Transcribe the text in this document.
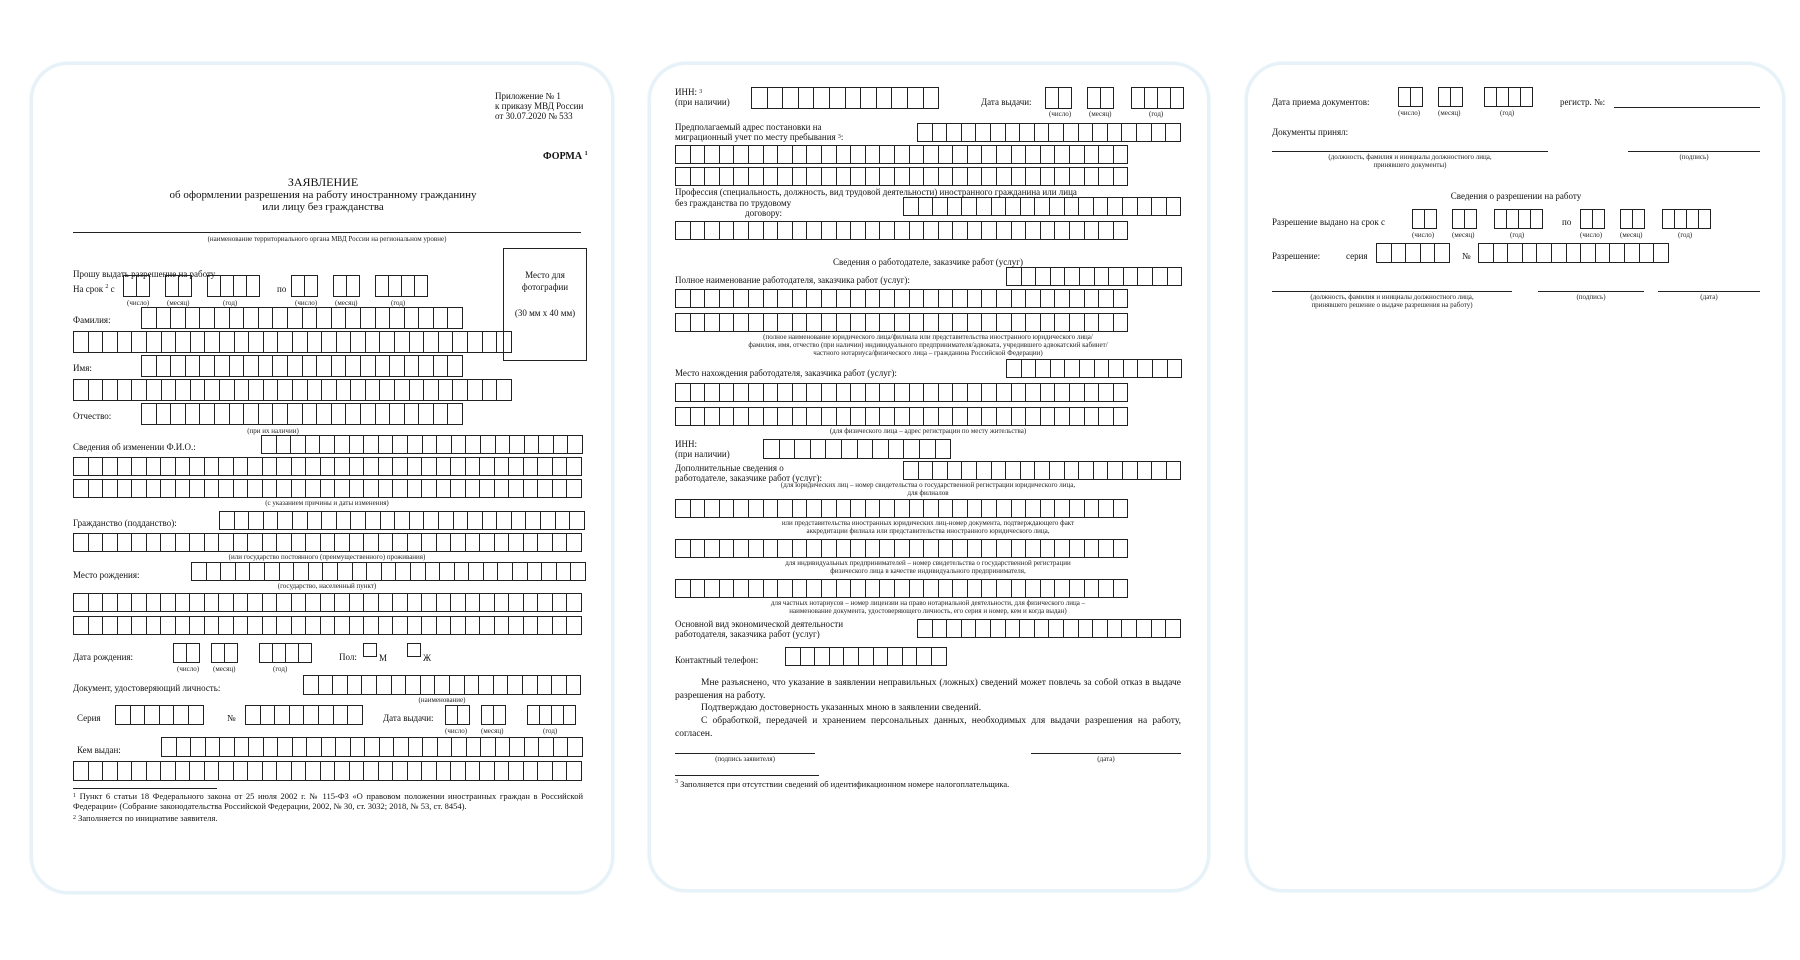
Приложение № 1
к приказу МВД России
от 30.07.2020 № 533
ФОРМА $^1$
ЗАЯВЛЕНИЕ
об оформлении разрешения на работу иностранному гражданину
или лицу без гражданства
(наименование территориального органа МВД России на региональном уровне)
Место для
фотографии
(30 мм х 40 мм)
Прошу выдать разрешение на работу
На срок $^2$ с	по
(число)	(месяц)	(год)	(число)	(месяц)	(год)
Фамилия:
Имя:
Отчество:
(при их наличии)
Сведения об изменении Ф.И.О.:
(с указанием причины и даты изменения)
Гражданство (подданство):
(или государство постоянного (преимущественного) проживания)
Место рождения:
(государство, населенный пункт)
Дата рождения:
(число) (месяц)	(год)
Пол: М	Ж
Документ, удостоверяющий личность:
(наименование)
Серия	№	Дата выдачи:
(число) (месяц)	(год)
Кем выдан:
$^1$ Пункт 6 статьи 18 Федерального закона от 25 июля 2002 г. № 115-ФЗ «О правовом положении иностранных граждан в Российской Федерации» (Собрание законодательства Российской Федерации, 2002, № 30, ст. 3032; 2018, № 53, ст. 8454).
$^2$ Заполняется по инициативе заявителя.
ИНН: $^3$
(при наличии)	Дата выдачи:
(число)	(месяц)	(год)
Предполагаемый адрес постановки на
миграционный учет по месту пребывания $^3$:
Профессия (специальность, должность, вид трудовой деятельности) иностранного гражданина или лица
без гражданства по трудовому
договору:
Сведения о работодателе, заказчике работ (услуг)
Полное наименование работодателя, заказчика работ (услуг):
(полное наименование юридического лица/филиала или представительства иностранного юридического лица/
фамилия, имя, отчество (при наличии) индивидуального предпринимателя/адвоката, учредившего адвокатский кабинет/
частного нотариуса/физического лица – гражданина Российской Федерации)
Место нахождения работодателя, заказчика работ (услуг):
(для физического лица – адрес регистрации по месту жительства)
ИНН:
(при наличии)
Дополнительные сведения о
работодателе, заказчике работ (услуг):
(для юридических лиц – номер свидетельства о государственной регистрации юридического лица,
для филиалов
или представительства иностранных юридических лиц-номер документа, подтверждающего факт
аккредитации филиала или представительства иностранного юридического лица,
для индивидуальных предпринимателей – номер свидетельства о государственной регистрации
физического лица в качестве индивидуального предпринимателя,
для частных нотариусов – номер лицензии на право нотариальной деятельности, для физического лица –
наименование документа, удостоверяющего личность, его серия и номер, кем и когда выдан)
Основной вид экономической деятельности
работодателя, заказчика работ (услуг)
Контактный телефон:
Мне разъяснено, что указание в заявлении неправильных (ложных) сведений может повлечь за собой отказ в выдаче разрешения на работу.
Подтверждаю достоверность указанных мною в заявлении сведений.
С обработкой, передачей и хранением персональных данных, необходимых для выдачи разрешения на работу, согласен.
(подпись заявителя)	(дата)
$^3$ Заполняется при отсутствии сведений об идентификационном номере налогоплательщика.
Дата приема документов:
(число)	(месяц)	(год)
регистр. №:
Документы принял:
(должность, фамилия и инициалы должностного лица,
принявшего документы)
(подпись)
Сведения о разрешении на работу
Разрешение выдано на срок с	по
(число)	(месяц)	(год)	(число)	(месяц)	(год)
Разрешение:	серия	№
(должность, фамилия и инициалы должностного лица,
принявшего решение о выдаче разрешения на работу)
(подпись)	(дата)
